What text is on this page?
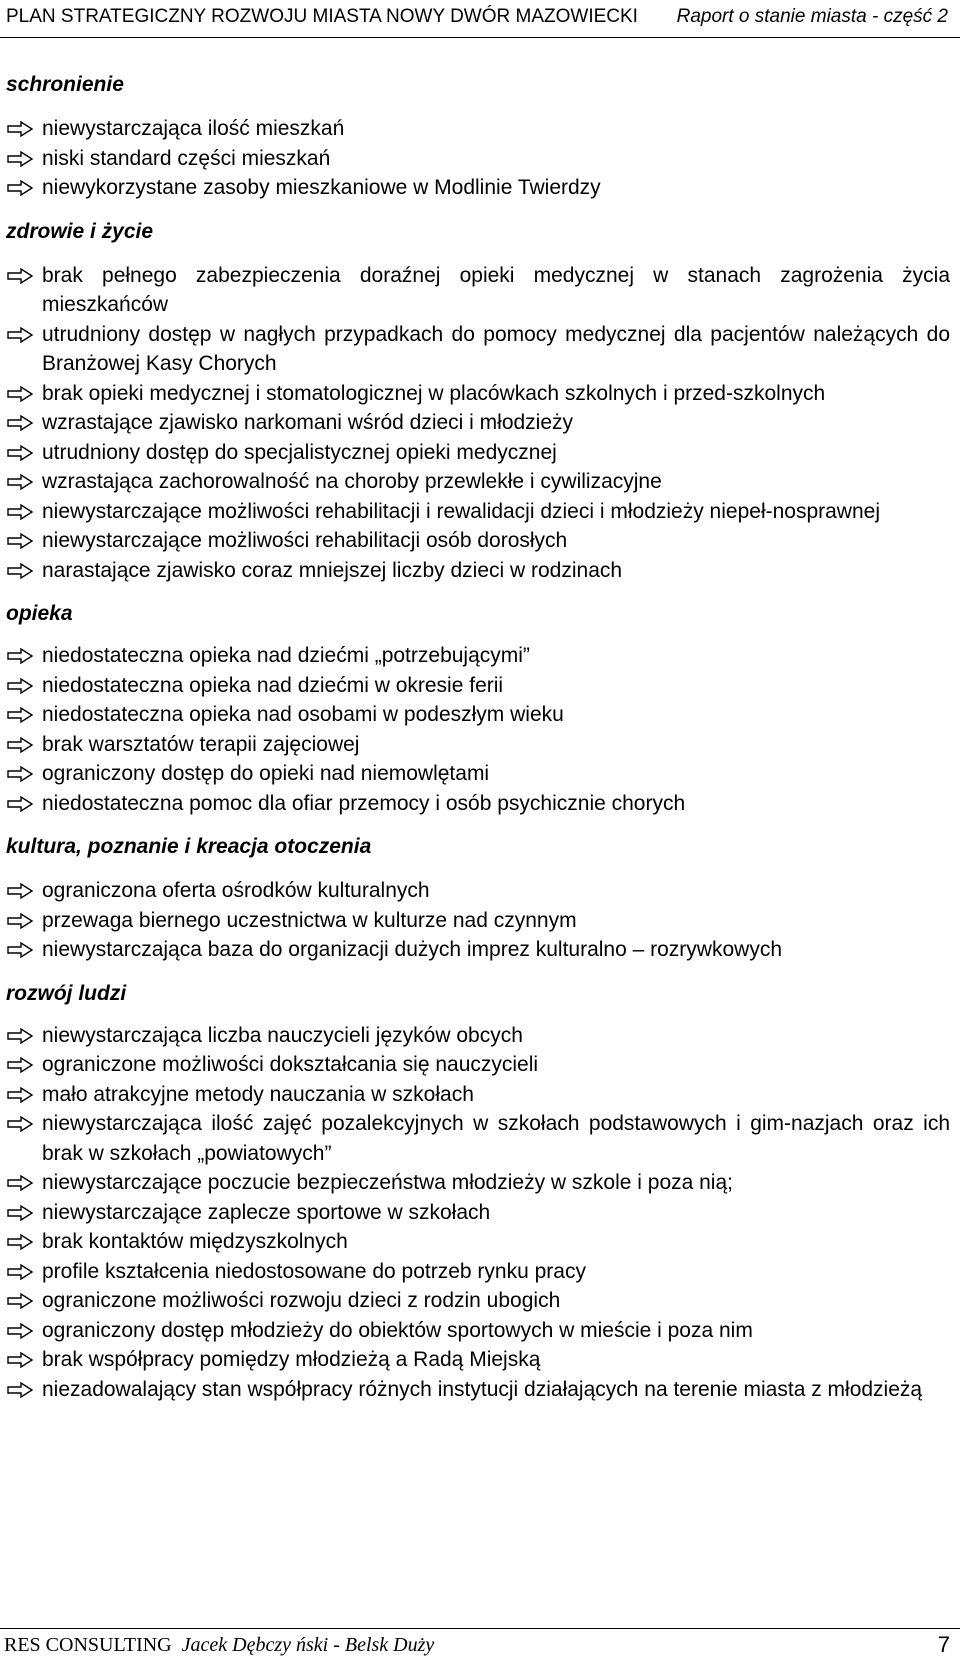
PLAN STRATEGICZNY ROZWOJU MIASTA NOWY DWÓR MAZOWIECKI Raport o stanie miasta - część 2
schronienie
niewystarczająca ilość mieszkań
niski standard części mieszkań
niewykorzystane zasoby mieszkaniowe w Modlinie Twierdzy
zdrowie i życie
brak pełnego zabezpieczenia doraźnej opieki medycznej w stanach zagrożenia życia mieszkańców
utrudniony dostęp w nagłych przypadkach do pomocy medycznej dla pacjentów należących do Branżowej Kasy Chorych
brak opieki medycznej i stomatologicznej w placówkach szkolnych i przed-szkolnych
wzrastające zjawisko narkomani wśród dzieci i młodzieży
utrudniony dostęp do specjalistycznej opieki medycznej
wzrastająca zachorowalność na choroby przewlekłe i cywilizacyjne
niewystarczające możliwości rehabilitacji i rewalidacji dzieci i młodzieży niepeł-nosprawnej
niewystarczające możliwości rehabilitacji osób dorosłych
narastające zjawisko coraz mniejszej liczby dzieci w rodzinach
opieka
niedostateczna opieka nad dziećmi „potrzebującymi”
niedostateczna opieka nad dziećmi w okresie ferii
niedostateczna opieka nad osobami w podeszłym wieku
brak warsztatów terapii zajęciowej
ograniczony dostęp do opieki nad niemowlętami
niedostateczna pomoc dla ofiar przemocy i osób psychicznie chorych
kultura, poznanie i kreacja otoczenia
ograniczona oferta ośrodków kulturalnych
przewaga biernego uczestnictwa w kulturze nad czynnym
niewystarczająca baza do organizacji dużych imprez kulturalno – rozrywkowych
rozwój ludzi
niewystarczająca liczba nauczycieli języków obcych
ograniczone możliwości dokształcania się nauczycieli
mało atrakcyjne metody nauczania w szkołach
niewystarczająca ilość zajęć pozalekcyjnych w szkołach podstawowych i gim-nazjach oraz ich brak w szkołach „powiatowych”
niewystarczające poczucie bezpieczeństwa młodzieży w szkole i poza nią;
niewystarczające zaplecze sportowe w szkołach
brak kontaktów międzyszkolnych
profile kształcenia niedostosowane do potrzeb rynku pracy
ograniczone możliwości rozwoju dzieci z rodzin ubogich
ograniczony dostęp młodzieży do obiektów sportowych w mieście i poza nim
brak współpracy pomiędzy młodzieżą a Radą Miejską
niezadowalający stan współpracy różnych instytucji działających na terenie miasta z młodzieżą
RES CONSULTING Jacek Dębczy ński - Belsk Duży	7
